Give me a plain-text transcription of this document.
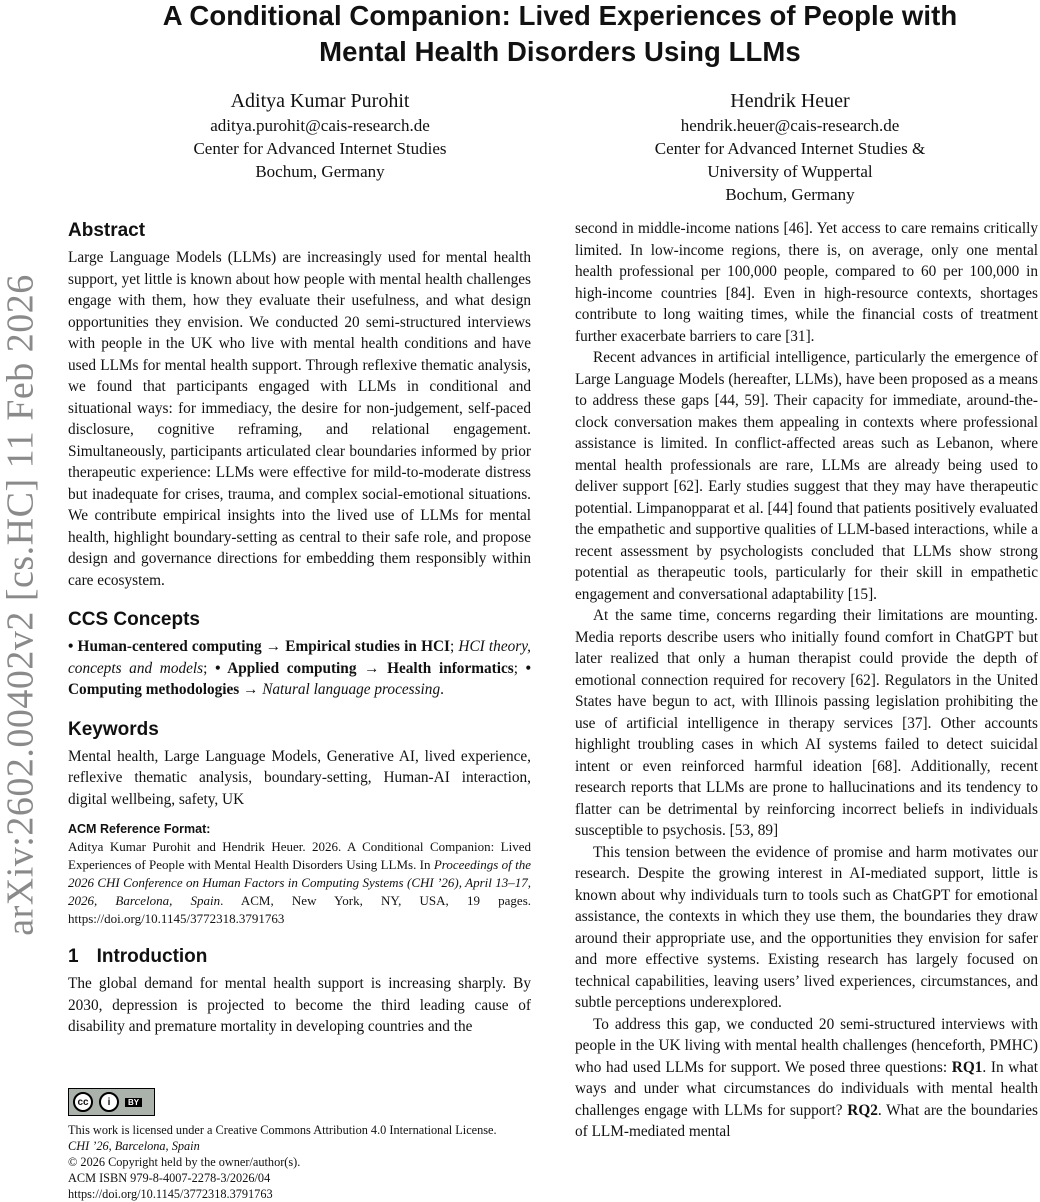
arXiv:2602.00402v2 [cs.HC] 11 Feb 2026
A Conditional Companion: Lived Experiences of People with
Mental Health Disorders Using LLMs
Aditya Kumar Purohit
aditya.purohit@cais-research.de
Center for Advanced Internet Studies
Bochum, Germany
Hendrik Heuer
hendrik.heuer@cais-research.de
Center for Advanced Internet Studies &
University of Wuppertal
Bochum, Germany
Abstract

Large Language Models (LLMs) are increasingly used for mental health support, yet little is known about how people with mental health challenges engage with them, how they evaluate their usefulness, and what design opportunities they envision. We conducted 20 semi-structured interviews with people in the UK who live with mental health conditions and have used LLMs for mental health support. Through reflexive thematic analysis, we found that participants engaged with LLMs in conditional and situational ways: for immediacy, the desire for non-judgement, self-paced disclosure, cognitive reframing, and relational engagement. Simultaneously, participants articulated clear boundaries informed by prior therapeutic experience: LLMs were effective for mild-to-moderate distress but inadequate for crises, trauma, and complex social-emotional situations. We contribute empirical insights into the lived use of LLMs for mental health, highlight boundary-setting as central to their safe role, and propose design and governance directions for embedding them responsibly within care ecosystem.

CCS Concepts

• Human-centered computing → Empirical studies in HCI; HCI theory, concepts and models; • Applied computing → Health informatics; • Computing methodologies → Natural language processing.

Keywords

Mental health, Large Language Models, Generative AI, lived experience, reflexive thematic analysis, boundary-setting, Human-AI interaction, digital wellbeing, safety, UK

ACM Reference Format:

Aditya Kumar Purohit and Hendrik Heuer. 2026. A Conditional Companion: Lived Experiences of People with Mental Health Disorders Using LLMs. In Proceedings of the 2026 CHI Conference on Human Factors in Computing Systems (CHI ’26), April 13–17, 2026, Barcelona, Spain. ACM, New York, NY, USA, 19 pages. https://doi.org/10.1145/3772318.3791763

1 Introduction

The global demand for mental health support is increasing sharply. By 2030, depression is projected to become the third leading cause of disability and premature mortality in developing countries and the

cc	i	BY
This work is licensed under a Creative Commons Attribution 4.0 International License.
CHI ’26, Barcelona, Spain
© 2026 Copyright held by the owner/author(s).
ACM ISBN 979-8-4007-2278-3/2026/04
https://doi.org/10.1145/3772318.3791763

second in middle-income nations [46]. Yet access to care remains critically limited. In low-income regions, there is, on average, only one mental health professional per 100,000 people, compared to 60 per 100,000 in high-income countries [84]. Even in high-resource contexts, shortages contribute to long waiting times, while the financial costs of treatment further exacerbate barriers to care [31].

Recent advances in artificial intelligence, particularly the emergence of Large Language Models (hereafter, LLMs), have been proposed as a means to address these gaps [44, 59]. Their capacity for immediate, around-the-clock conversation makes them appealing in contexts where professional assistance is limited. In conflict-affected areas such as Lebanon, where mental health professionals are rare, LLMs are already being used to deliver support [62]. Early studies suggest that they may have therapeutic potential. Limpanopparat et al. [44] found that patients positively evaluated the empathetic and supportive qualities of LLM-based interactions, while a recent assessment by psychologists concluded that LLMs show strong potential as therapeutic tools, particularly for their skill in empathetic engagement and conversational adaptability [15].

At the same time, concerns regarding their limitations are mounting. Media reports describe users who initially found comfort in ChatGPT but later realized that only a human therapist could provide the depth of emotional connection required for recovery [62]. Regulators in the United States have begun to act, with Illinois passing legislation prohibiting the use of artificial intelligence in therapy services [37]. Other accounts highlight troubling cases in which AI systems failed to detect suicidal intent or even reinforced harmful ideation [68]. Additionally, recent research reports that LLMs are prone to hallucinations and its tendency to flatter can be detrimental by reinforcing incorrect beliefs in individuals susceptible to psychosis. [53, 89]

This tension between the evidence of promise and harm motivates our research. Despite the growing interest in AI-mediated support, little is known about why individuals turn to tools such as ChatGPT for emotional assistance, the contexts in which they use them, the boundaries they draw around their appropriate use, and the opportunities they envision for safer and more effective systems. Existing research has largely focused on technical capabilities, leaving users’ lived experiences, circumstances, and subtle perceptions underexplored.

To address this gap, we conducted 20 semi-structured interviews with people in the UK living with mental health challenges (henceforth, PMHC) who had used LLMs for support. We posed three questions: RQ1. In what ways and under what circumstances do individuals with mental health challenges engage with LLMs for support? RQ2. What are the boundaries of LLM-mediated mental
